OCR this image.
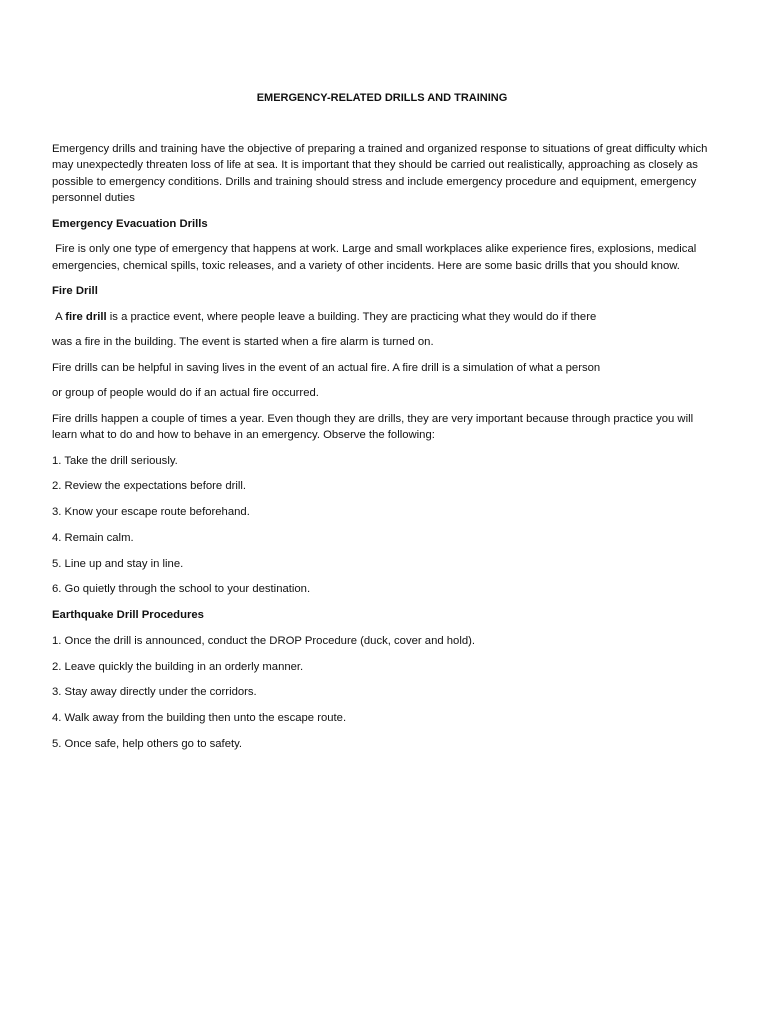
EMERGENCY-RELATED DRILLS AND TRAINING

Emergency drills and training have the objective of preparing a trained and organized response to situations of great difficulty which may unexpectedly threaten loss of life at sea. It is important that they should be carried out realistically, approaching as closely as possible to emergency conditions. Drills and training should stress and include emergency procedure and equipment, emergency personnel duties

Emergency Evacuation Drills

Fire is only one type of emergency that happens at work. Large and small workplaces alike experience fires, explosions, medical emergencies, chemical spills, toxic releases, and a variety of other incidents. Here are some basic drills that you should know.

Fire Drill

A fire drill is a practice event, where people leave a building. They are practicing what they would do if there

was a fire in the building. The event is started when a fire alarm is turned on.

Fire drills can be helpful in saving lives in the event of an actual fire. A fire drill is a simulation of what a person

or group of people would do if an actual fire occurred.

Fire drills happen a couple of times a year. Even though they are drills, they are very important because through practice you will learn what to do and how to behave in an emergency. Observe the following:

1. Take the drill seriously.

2. Review the expectations before drill.

3. Know your escape route beforehand.

4. Remain calm.

5. Line up and stay in line.

6. Go quietly through the school to your destination.

Earthquake Drill Procedures

1. Once the drill is announced, conduct the DROP Procedure (duck, cover and hold).

2. Leave quickly the building in an orderly manner.

3. Stay away directly under the corridors.

4. Walk away from the building then unto the escape route.

5. Once safe, help others go to safety.
